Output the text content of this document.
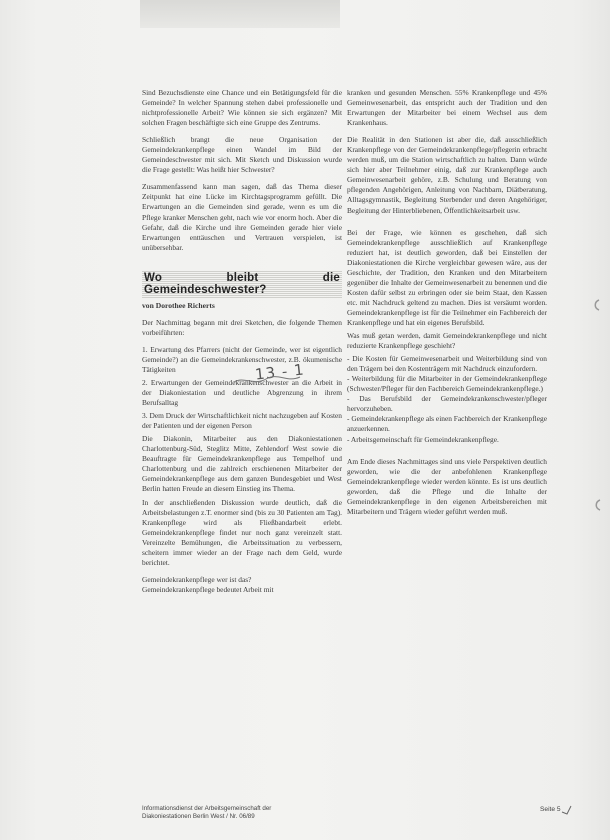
Sind Bezuchsdienste eine Chance und ein Betätigungsfeld für die Gemeinde? In welcher Spannung stehen dabei professionelle und nichtprofessionelle Arbeit? Wie können sie sich ergänzen? Mit solchen Fragen beschäftigte sich eine Gruppe des Zentrums.

Schließlich brangt die neue Organisation der Gemeindekrankenpflege einen Wandel im Bild der Gemeindeschwester mit sich. Mit Sketch und Diskussion wurde die Frage gestellt: Was heißt hier Schwester?

Zusammenfassend kann man sagen, daß das Thema dieser Zeitpunkt hat eine Lücke im Kirchtagsprogramm gefüllt. Die Erwartungen an die Gemeinden sind gerade, wenn es um die Pflege kranker Menschen geht, nach wie vor enorm hoch. Aber die Gefahr, daß die Kirche und ihre Gemeinden gerade hier viele Erwartungen enttäuschen und Vertrauen verspielen, ist unübersehbar.

Wo bleibt die Gemeindeschwester?

von Dorothee Richerts

Der Nachmittag begann mit drei Sketchen, die folgende Themen vorbeiführten:

1. Erwartung des Pfarrers (nicht der Gemeinde, wer ist eigentlich Gemeinde?) an die Gemeindekrankenschwester, z.B. ökumenische Tätigkeiten

2. Erwartungen der Gemeindekrankenschwester an die Arbeit in der Diakoniestation und deutliche Abgrenzung in ihrem Berufsalltag

3. Dem Druck der Wirtschaftlichkeit nicht nachzugeben auf Kosten der Patienten und der eigenen Person

Die Diakonin, Mitarbeiter aus den Diakoniestationen Charlottenburg-Süd, Steglitz Mitte, Zehlendorf West sowie die Beauftragte für Gemeindekrankenpflege aus Tempelhof und Charlottenburg und die zahlreich erschienenen Mitarbeiter der Gemeindekrankenpflege aus dem ganzen Bundesgebiet und West Berlin hatten Freude an diesem Einstieg ins Thema.

In der anschließenden Diskussion wurde deutlich, daß die Arbeitsbelastungen z.T. enormer sind (bis zu 30 Patienten am Tag). Krankenpflege wird als Fließbandarbeit erlebt. Gemeindekrankenpflege findet nur noch ganz vereinzelt statt. Vereinzelte Bemühungen, die Arbeitssituation zu verbessern, scheitern immer wieder an der Frage nach dem Geld, wurde berichtet.

Gemeindekrankenpflege wer ist das?
Gemeindekrankenpflege bedeutet Arbeit mit

13 - 1

kranken und gesunden Menschen. 55% Krankenpflege und 45% Gemeinwesenarbeit, das entspricht auch der Tradition und den Erwartungen der Mitarbeiter bei einem Wechsel aus dem Krankenhaus.

Die Realität in den Stationen ist aber die, daß ausschließlich Krankenpflege von der Gemeindekrankenpflege/pflegerin erbracht werden muß, um die Station wirtschaftlich zu halten. Dann würde sich hier aber Teilnehmer einig, daß zur Krankenpflege auch Gemeinwesenarbeit gehöre, z.B. Schulung und Beratung von pflegenden Angehörigen, Anleitung von Nachbarn, Diätberatung, Alltagsgymnastik, Begleitung Sterbender und deren Angehöriger, Begleitung der Hinterbliebenen, Öffentlichkeitsarbeit usw.

Bei der Frage, wie können es geschehen, daß sich Gemeindekrankenpflege ausschließlich auf Krankenpflege reduziert hat, ist deutlich geworden, daß bei Einstellen der Diakoniestationen die Kirche vergleichbar gewesen wäre, aus der Geschichte, der Tradition, den Kranken und den Mitarbeitern gegenüber die Inhalte der Gemeinwesenarbeit zu benennen und die Kosten dafür selbst zu erbringen oder sie beim Staat, den Kassen etc. mit Nachdruck geltend zu machen. Dies ist versäumt worden. Gemeindekrankenpflege ist für die Teilnehmer ein Fachbereich der Krankenpflege und hat ein eigenes Berufsbild.

Was muß getan werden, damit Gemeindekrankenpflege und nicht reduzierte Krankenpflege geschieht?

- Die Kosten für Gemeinwesenarbeit und Weiterbildung sind von den Trägern bei den Kostenträgern mit Nachdruck einzufordern.
- Weiterbildung für die Mitarbeiter in der Gemeindekrankenpflege (Schwester/Pfleger für den Fachbereich Gemeindekrankenpflege.)
- Das Berufsbild der Gemeindekrankenschwester/pfleger hervorzuheben.
- Gemeindekrankenpflege als einen Fachbereich der Krankenpflege anzuerkennen.
- Arbeitsgemeinschaft für Gemeindekrankenpflege.

Am Ende dieses Nachmittages sind uns viele Perspektiven deutlich geworden, wie die der anbefohlenen Krankenpflege Gemeindekrankenpflege wieder werden könnte. Es ist uns deutlich geworden, daß die Pflege und die Inhalte der Gemeindekrankenpflege in den eigenen Arbeitsbereichen mit Mitarbeitern und Trägern wieder geführt werden muß.

Informationsdienst der Arbeitsgemeinschaft der
Diakoniestationen Berlin West / Nr. 06/89
Seite 5
